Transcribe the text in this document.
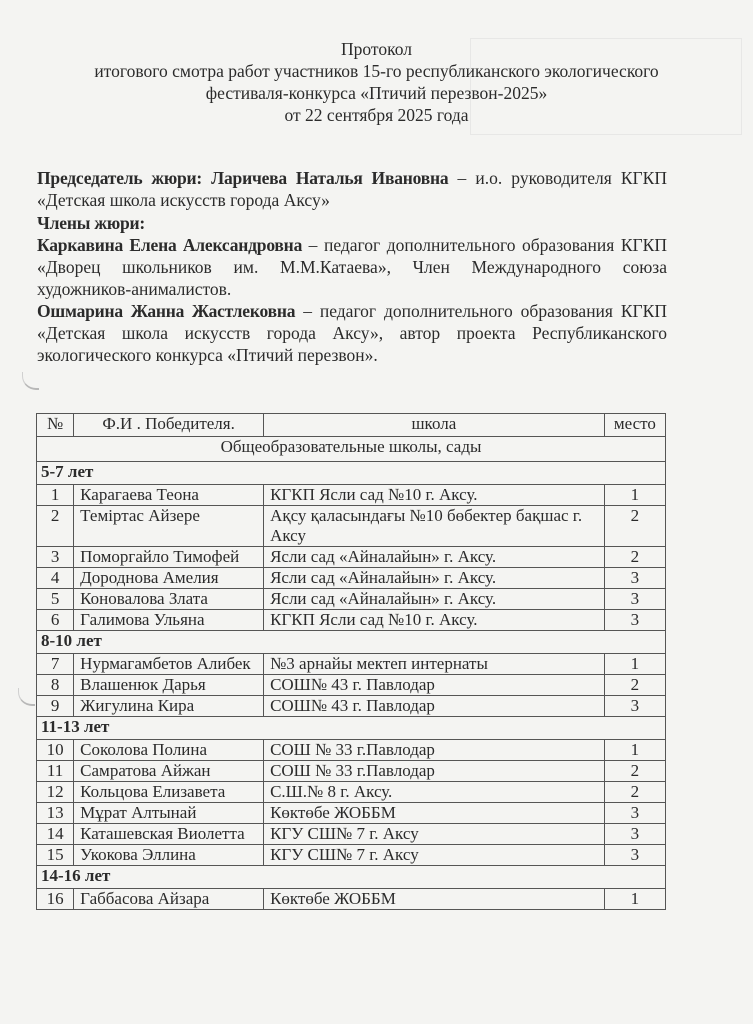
Протокол
итогового смотра работ участников 15-го республиканского экологического
фестиваля-конкурса «Птичий перезвон-2025»
от 22 сентября 2025 года
Председатель жюри: Ларичева Наталья Ивановна – и.о. руководителя КГКП «Детская школа искусств города Аксу»
Члены жюри:
Каркавина Елена Александровна – педагог дополнительного образования КГКП
«Дворец школьников им. М.М.Катаева», Член Международного союза
художников-анималистов.
Ошмарина Жанна Жастлековна – педагог дополнительного образования КГКП
«Детская школа искусств города Аксу», автор проекта Республиканского
экологического конкурса «Птичий перезвон».
№	Ф.И . Победителя.	школа	место
Общеобразовательные школы, сады			
5-7 лет			
1	Карагаева Теона	КГКП Ясли сад №10 г. Аксу.	1
2	Теміртас Айзере	Ақсу қаласындағы №10 бөбектер бақшас г. Аксу	2
3	Поморгайло Тимофей	Ясли сад «Айналайын» г. Аксу.	2
4	Дороднова Амелия	Ясли сад «Айналайын» г. Аксу.	3
5	Коновалова Злата	Ясли сад «Айналайын» г. Аксу.	3
6	Галимова Ульяна	КГКП Ясли сад №10 г. Аксу.	3
8-10 лет			
7	Нурмагамбетов Алибек	№3 арнайы мектеп интернаты	1
8	Влашенюк Дарья	СОШ№ 43 г. Павлодар	2
9	Жигулина Кира	СОШ№ 43 г. Павлодар	3
11-13 лет			
10	Соколова Полина	СОШ № 33 г.Павлодар	1
11	Самратова Айжан	СОШ № 33 г.Павлодар	2
12	Кольцова Елизавета	С.Ш.№ 8 г. Аксу.	2
13	Мұрат Алтынай	Көктөбе ЖОББМ	3
14	Каташевская Виолетта	КГУ СШ№ 7 г. Аксу	3
15	Укокова Эллина	КГУ СШ№ 7 г. Аксу	3
14-16 лет			
16	Габбасова Айзара	Көктөбе ЖОББМ	1
